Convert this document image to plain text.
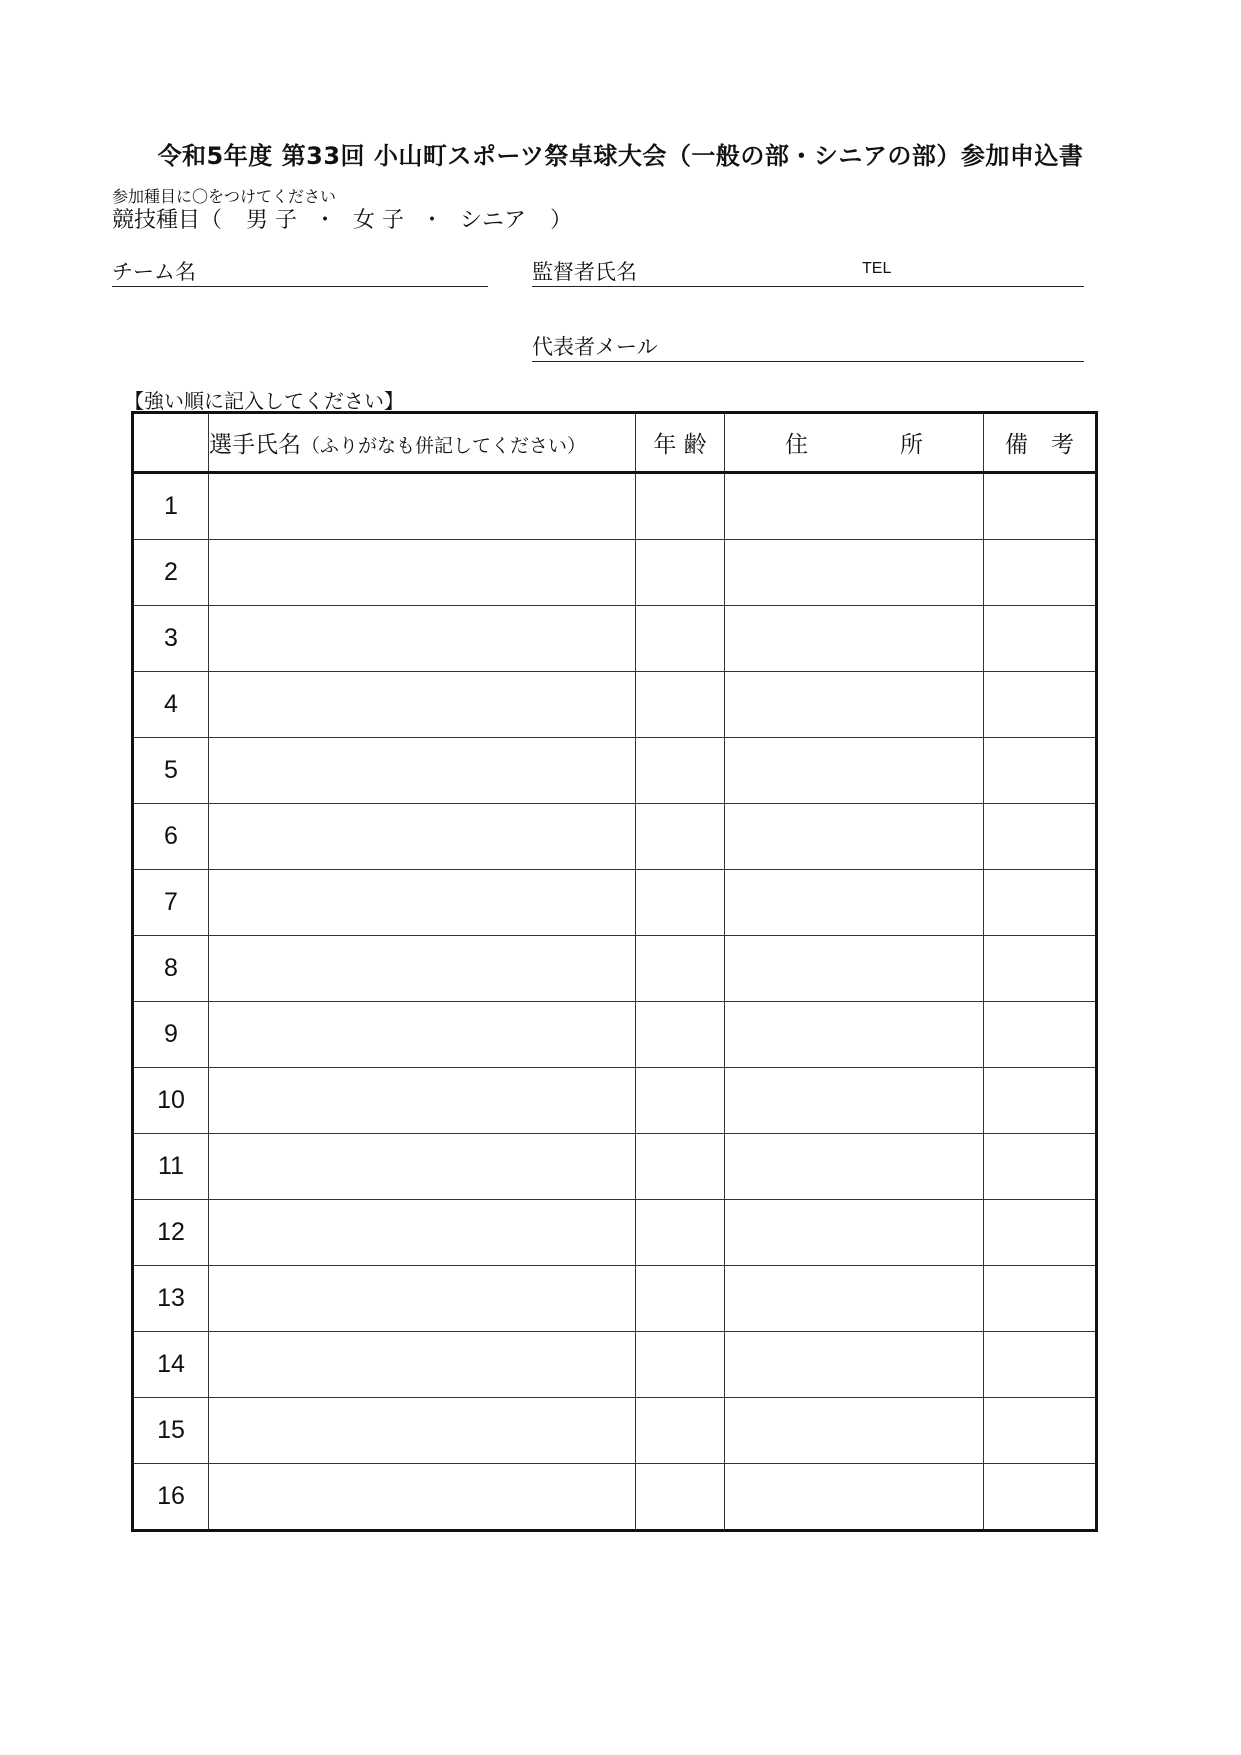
令和5年度 第33回 小山町スポーツ祭卓球大会（一般の部・シニアの部）参加申込書
参加種目に〇をつけてください
競技種目（ 男 子 ・ 女 子 ・ シニア ）
チーム名	監督者氏名	TEL
代表者メール
【強い順に記入してください】
	選手氏名（ふりがなも併記してください）	年 齢	住　　　　所	備　考
1				
2				
3				
4				
5				
6				
7				
8				
9				
10				
11				
12				
13				
14				
15				
16				
